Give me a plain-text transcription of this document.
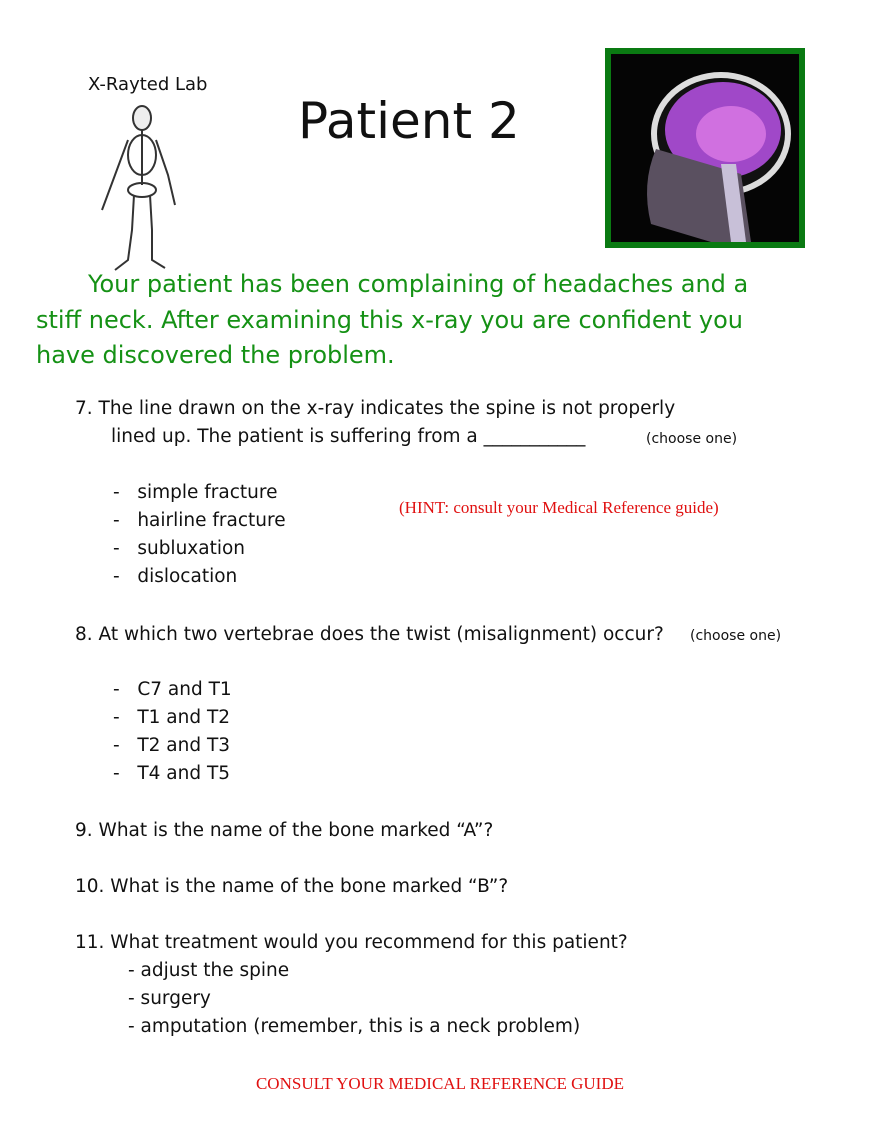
X-Rayted Lab
Patient 2
Your patient has been complaining of headaches and a
stiff neck. After examining this x-ray you are confident you
have discovered the problem.
7. The line drawn on the x-ray indicates the spine is not properly
lined up. The patient is suffering from a ___________	(choose one)
-   simple fracture
-   hairline fracture
-   subluxation
-   dislocation
(HINT: consult your Medical Reference guide)
8. At which two vertebrae does the twist (misalignment) occur? (choose one)
-   C7 and T1
-   T1 and T2
-   T2 and T3
-   T4 and T5
9. What is the name of the bone marked “A”?
10. What is the name of the bone marked “B”?
11. What treatment would you recommend for this patient?
- adjust the spine
- surgery
- amputation (remember, this is a neck problem)
CONSULT YOUR MEDICAL REFERENCE GUIDE
